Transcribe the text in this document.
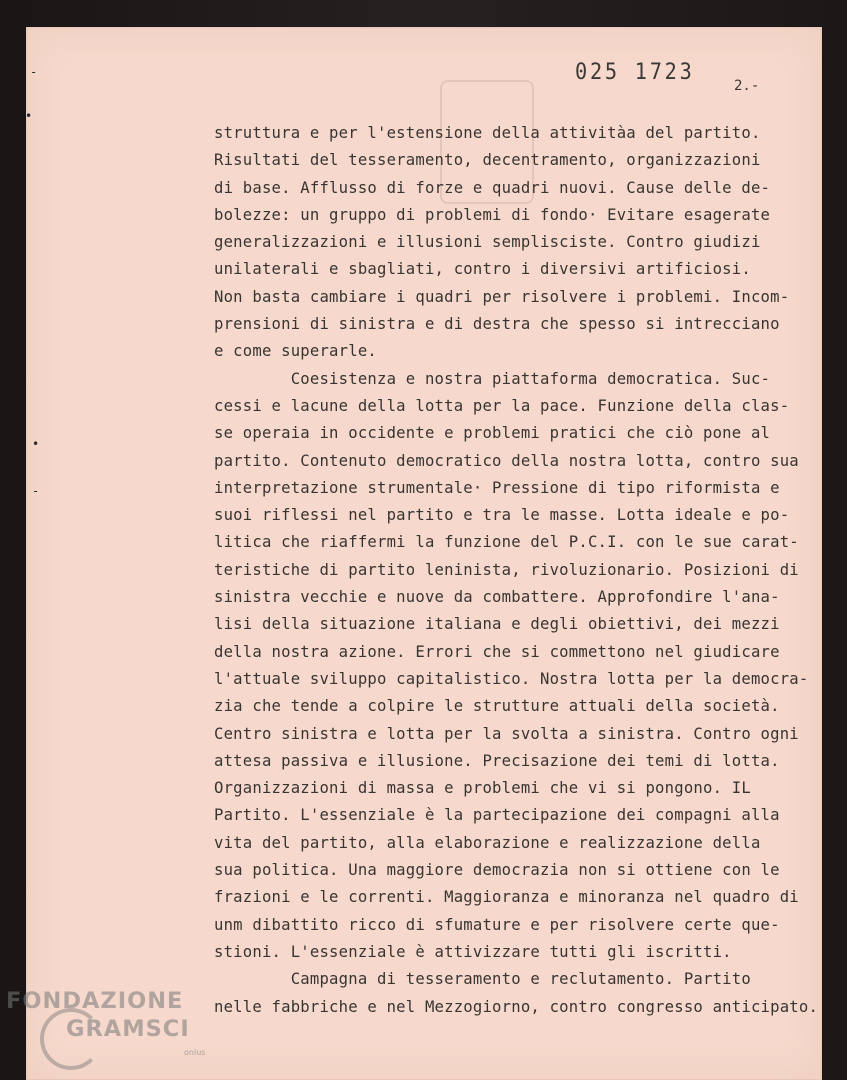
025 1723
2.-
-
•
•
-
struttura e per l'estensione della attivitàa del partito.
Risultati del tesseramento, decentramento, organizzazioni
di base. Afflusso di forze e quadri nuovi. Cause delle de-
bolezze: un gruppo di problemi di fondo· Evitare esagerate
generalizzazioni e illusioni semplisciste. Contro giudizi
unilaterali e sbagliati, contro i diversivi artificiosi.
Non basta cambiare i quadri per risolvere i problemi. Incom-
prensioni di sinistra e di destra che spesso si intrecciano
e come superarle.
Coesistenza e nostra piattaforma democratica. Suc-
cessi e lacune della lotta per la pace. Funzione della clas-
se operaia in occidente e problemi pratici che ciò pone al
partito. Contenuto democratico della nostra lotta, contro sua
interpretazione strumentale· Pressione di tipo riformista e
suoi riflessi nel partito e tra le masse. Lotta ideale e po-
litica che riaffermi la funzione del P.C.I. con le sue carat-
teristiche di partito leninista, rivoluzionario. Posizioni di
sinistra vecchie e nuove da combattere. Approfondire l'ana-
lisi della situazione italiana e degli obiettivi, dei mezzi
della nostra azione. Errori che si commettono nel giudicare
l'attuale sviluppo capitalistico. Nostra lotta per la democra-
zia che tende a colpire le strutture attuali della società.
Centro sinistra e lotta per la svolta a sinistra. Contro ogni
attesa passiva e illusione. Precisazione dei temi di lotta.
Organizzazioni di massa e problemi che vi si pongono. IL
Partito. L'essenziale è la partecipazione dei compagni alla
vita del partito, alla elaborazione e realizzazione della
sua politica. Una maggiore democrazia non si ottiene con le
frazioni e le correnti. Maggioranza e minoranza nel quadro di
unm dibattito ricco di sfumature e per risolvere certe que-
stioni. L'essenziale è attivizzare tutti gli iscritti.
Campagna di tesseramento e reclutamento. Partito
nelle fabbriche e nel Mezzogiorno, contro congresso anticipato.
FONDAZIONE
GRAMSCI
onlus
